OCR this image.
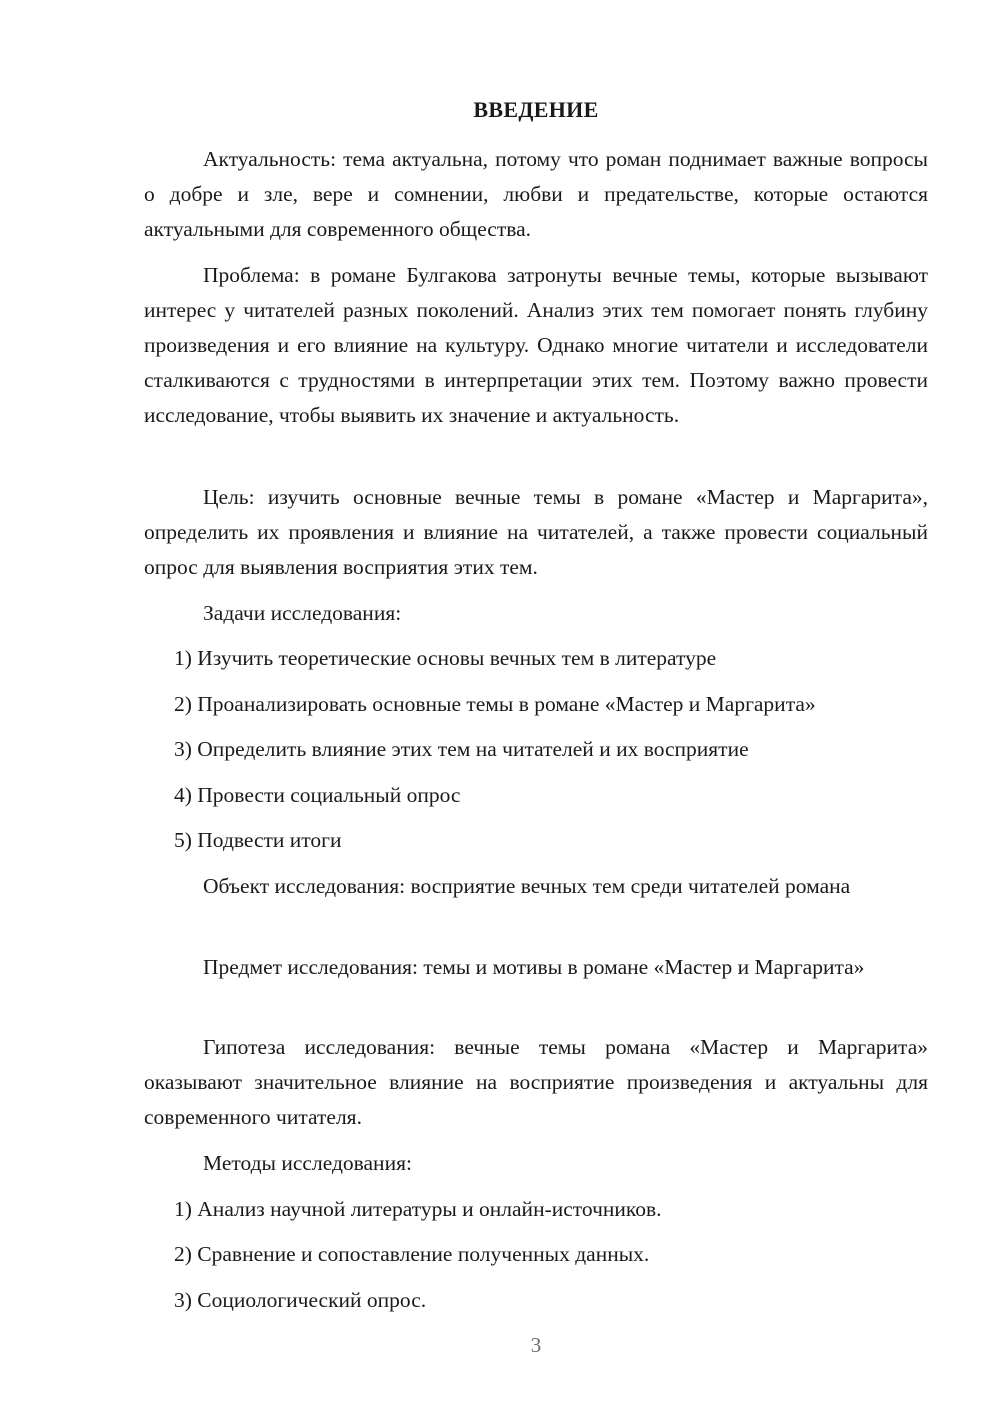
ВВЕДЕНИЕ

Актуальность: тема актуальна, потому что роман поднимает важные вопросы о добре и зле, вере и сомнении, любви и предательстве, которые остаются актуальными для современного общества.

Проблема: в романе Булгакова затронуты вечные темы, которые вызывают интерес у читателей разных поколений. Анализ этих тем помогает понять глубину произведения и его влияние на культуру. Однако многие читатели и исследователи сталкиваются с трудностями в интерпретации этих тем. Поэтому важно провести исследование, чтобы выявить их значение и актуальность.

Цель: изучить основные вечные темы в романе «Мастер и Маргарита», определить их проявления и влияние на читателей, а также провести социальный опрос для выявления восприятия этих тем.

Задачи исследования:

1) Изучить теоретические основы вечных тем в литературе

2) Проанализировать основные темы в романе «Мастер и Маргарита»

3) Определить влияние этих тем на читателей и их восприятие

4) Провести социальный опрос

5) Подвести итоги

Объект исследования: восприятие вечных тем среди читателей романа

Предмет исследования: темы и мотивы в романе «Мастер и Маргарита»

Гипотеза исследования: вечные темы романа «Мастер и Маргарита» оказывают значительное влияние на восприятие произведения и актуальны для современного читателя.

Методы исследования:

1) Анализ научной литературы и онлайн-источников.

2) Сравнение и сопоставление полученных данных.

3) Социологический опрос.

3
